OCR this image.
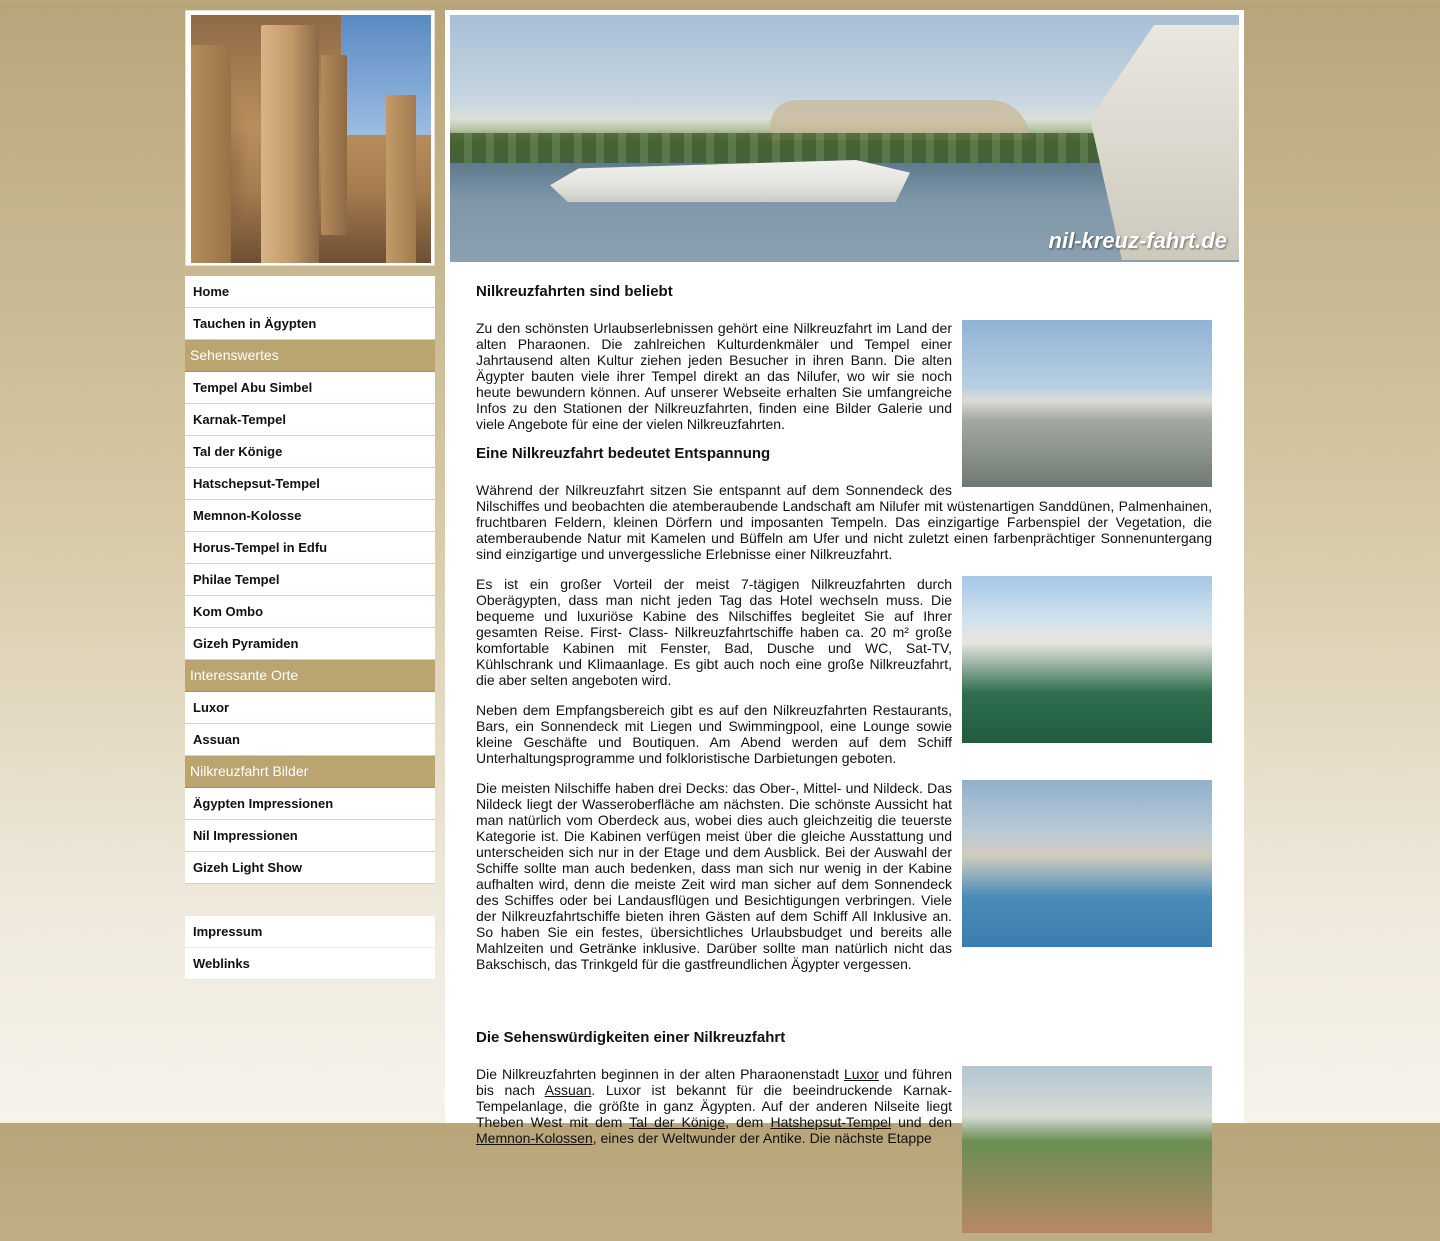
Home
Tauchen in Ägypten
Sehenswertes
Tempel Abu Simbel
Karnak-Tempel
Tal der Könige
Hatschepsut-Tempel
Memnon-Kolosse
Horus-Tempel in Edfu
Philae Tempel
Kom Ombo
Gizeh Pyramiden
Interessante Orte
Luxor
Assuan
Nilkreuzfahrt Bilder
Ägypten Impressionen
Nil Impressionen
Gizeh Light Show
Impressum
Weblinks
nil-kreuz-fahrt.de
Nilkreuzfahrten sind beliebt

Zu den schönsten Urlaubserlebnissen gehört eine Nilkreuzfahrt im Land der alten Pharaonen. Die zahlreichen Kulturdenkmäler und Tempel einer Jahrtausend alten Kultur ziehen jeden Besucher in ihren Bann. Die alten Ägypter bauten viele ihrer Tempel direkt an das Nilufer, wo wir sie noch heute bewundern können. Auf unserer Webseite erhalten Sie umfangreiche Infos zu den Stationen der Nilkreuzfahrten, finden eine Bilder Galerie und viele Angebote für eine der vielen Nilkreuzfahrten.

Eine Nilkreuzfahrt bedeutet Entspannung

Während der Nilkreuzfahrt sitzen Sie entspannt auf dem Sonnendeck des Nilschiffes und beobachten die atemberaubende Landschaft am Nilufer mit wüstenartigen Sanddünen, Palmenhainen, fruchtbaren Feldern, kleinen Dörfern und imposanten Tempeln. Das einzigartige Farbenspiel der Vegetation, die atemberaubende Natur mit Kamelen und Büffeln am Ufer und nicht zuletzt einen farbenprächtiger Sonnenuntergang sind einzigartige und unvergessliche Erlebnisse einer Nilkreuzfahrt.

Es ist ein großer Vorteil der meist 7-tägigen Nilkreuzfahrten durch Oberägypten, dass man nicht jeden Tag das Hotel wechseln muss. Die bequeme und luxuriöse Kabine des Nilschiffes begleitet Sie auf Ihrer gesamten Reise. First- Class- Nilkreuzfahrtschiffe haben ca. 20 m² große komfortable Kabinen mit Fenster, Bad, Dusche und WC, Sat-TV, Kühlschrank und Klimaanlage. Es gibt auch noch eine große Nilkreuzfahrt, die aber selten angeboten wird.

Neben dem Empfangsbereich gibt es auf den Nilkreuzfahrten Restaurants, Bars, ein Sonnendeck mit Liegen und Swimmingpool, eine Lounge sowie kleine Geschäfte und Boutiquen. Am Abend werden auf dem Schiff Unterhaltungsprogramme und folkloristische Darbietungen geboten.

Die meisten Nilschiffe haben drei Decks: das Ober-, Mittel- und Nildeck. Das Nildeck liegt der Wasseroberfläche am nächsten. Die schönste Aussicht hat man natürlich vom Oberdeck aus, wobei dies auch gleichzeitig die teuerste Kategorie ist. Die Kabinen verfügen meist über die gleiche Ausstattung und unterscheiden sich nur in der Etage und dem Ausblick. Bei der Auswahl der Schiffe sollte man auch bedenken, dass man sich nur wenig in der Kabine aufhalten wird, denn die meiste Zeit wird man sicher auf dem Sonnendeck des Schiffes oder bei Landausflügen und Besichtigungen verbringen. Viele der Nilkreuzfahrtschiffe bieten ihren Gästen auf dem Schiff All Inklusive an. So haben Sie ein festes, übersichtliches Urlaubsbudget und bereits alle Mahlzeiten und Getränke inklusive. Darüber sollte man natürlich nicht das Bakschisch, das Trinkgeld für die gastfreundlichen Ägypter vergessen.

Die Sehenswürdigkeiten einer Nilkreuzfahrt

Die Nilkreuzfahrten beginnen in der alten Pharaonenstadt Luxor und führen bis nach Assuan. Luxor ist bekannt für die beeindruckende Karnak-Tempelanlage, die größte in ganz Ägypten. Auf der anderen Nilseite liegt Theben West mit dem Tal der Könige, dem Hatshepsut-Tempel und den Memnon-Kolossen, eines der Weltwunder der Antike. Die nächste Etappe
